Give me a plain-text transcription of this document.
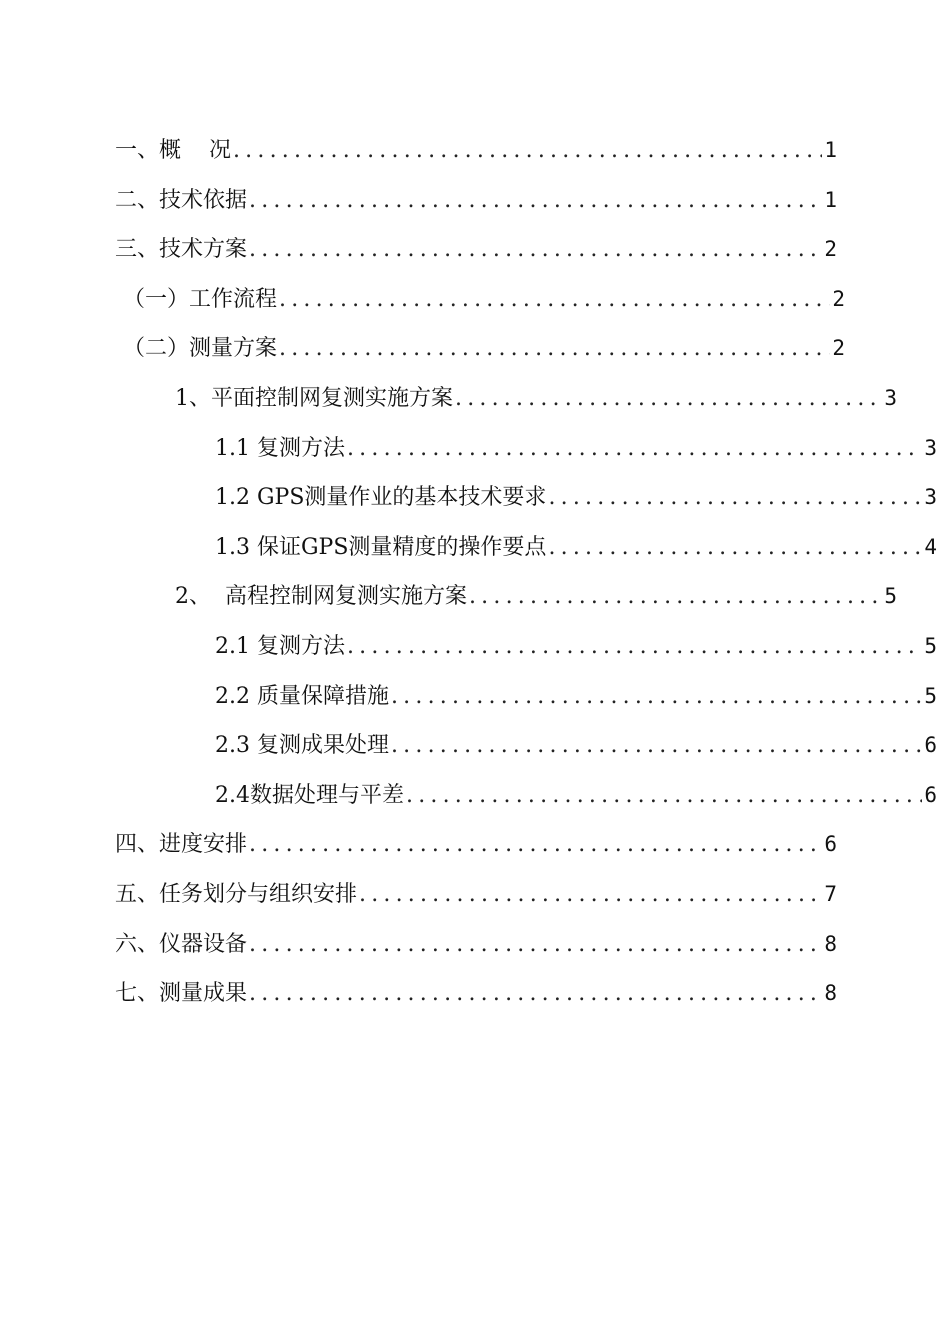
一、概    况 .....	1
二、技术依据 .....	1
三、技术方案 .....	2
（一）工作流程 .....	2
（二）测量方案 .....	2
1、平面控制网复测实施方案 .....	3
1.1 复测方法 .....	3
1.2 GPS测量作业的基本技术要求 .....	3
1.3 保证GPS测量精度的操作要点 .....	4
2、  高程控制网复测实施方案 .....	5
2.1 复测方法 .....	5
2.2 质量保障措施 .....	5
2.3 复测成果处理 .....	6
2.4数据处理与平差 .....	6
四、进度安排 .....	6
五、任务划分与组织安排 .....	7
六、仪器设备 .....	8
七、测量成果 .....	8
